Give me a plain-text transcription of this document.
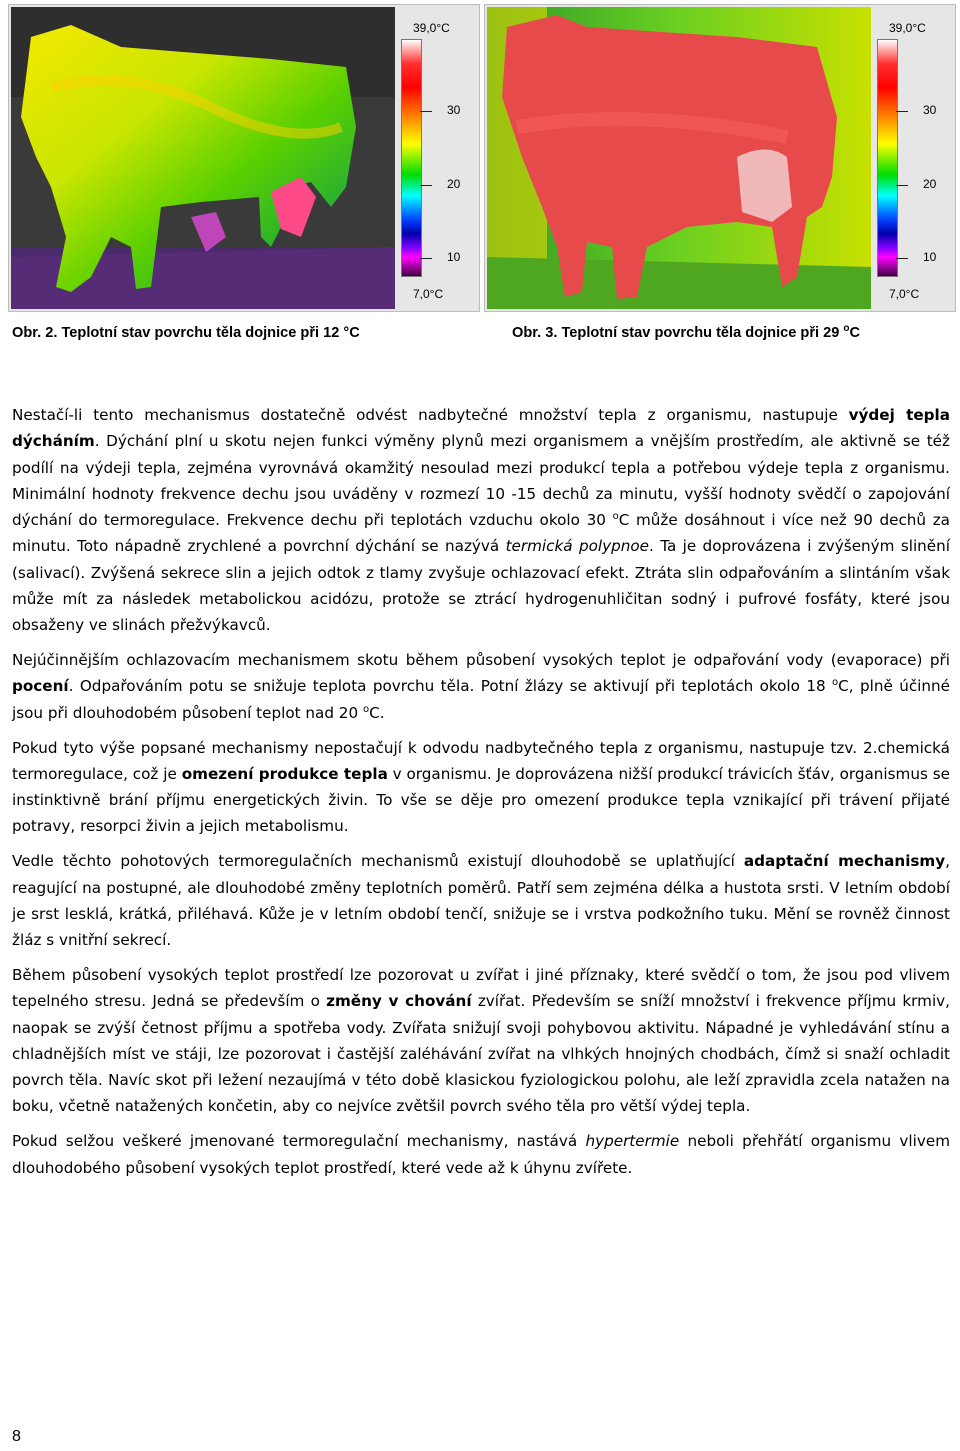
39,0°C
30
20
10
7,0°C
39,0°C
30
20
10
7,0°C
Obr. 2. Teplotní stav povrchu těla dojnice při 12 °C	Obr. 3. Teplotní stav povrchu těla dojnice při 29 $^o$C

Nestačí-li tento mechanismus dostatečně odvést nadbytečné množství tepla z organismu, nastupuje výdej tepla dýcháním. Dýchání plní u skotu nejen funkci výměny plynů mezi organismem a vnějším prostředím, ale aktivně se též podílí na výdeji tepla, zejména vyrovnává okamžitý nesoulad mezi produkcí tepla a potřebou výdeje tepla z organismu. Minimální hodnoty frekvence dechu jsou uváděny v rozmezí 10 -15 dechů za minutu, vyšší hodnoty svědčí o zapojování dýchání do termoregulace. Frekvence dechu při teplotách vzduchu okolo 30 $^o$C může dosáhnout i více než 90 dechů za minutu. Toto nápadně zrychlené a povrchní dýchání se nazývá termická polypnoe. Ta je doprovázena i zvýšeným slinění (salivací). Zvýšená sekrece slin a jejich odtok z tlamy zvyšuje ochlazovací efekt. Ztráta slin odpařováním a slintáním však může mít za následek metabolickou acidózu, protože se ztrácí hydrogenuhličitan sodný i pufrové fosfáty, které jsou obsaženy ve slinách přežvýkavců.

Nejúčinnějším ochlazovacím mechanismem skotu během působení vysokých teplot je odpařování vody (evaporace) při pocení. Odpařováním potu se snižuje teplota povrchu těla. Potní žlázy se aktivují při teplotách okolo 18 $^o$C, plně účinné jsou při dlouhodobém působení teplot nad 20 $^o$C.

Pokud tyto výše popsané mechanismy nepostačují k odvodu nadbytečného tepla z organismu, nastupuje tzv. 2.chemická termoregulace, což je omezení produkce tepla v organismu. Je doprovázena nižší produkcí trávicích šťáv, organismus se instinktivně brání příjmu energetických živin. To vše se děje pro omezení produkce tepla vznikající při trávení přijaté potravy, resorpci živin a jejich metabolismu.

Vedle těchto pohotových termoregulačních mechanismů existují dlouhodobě se uplatňující adaptační mechanismy, reagující na postupné, ale dlouhodobé změny teplotních poměrů. Patří sem zejména délka a hustota srsti. V letním období je srst lesklá, krátká, přiléhavá. Kůže je v letním období tenčí, snižuje se i vrstva podkožního tuku. Mění se rovněž činnost žláz s vnitřní sekrecí.

Během působení vysokých teplot prostředí lze pozorovat u zvířat i jiné příznaky, které svědčí o tom, že jsou pod vlivem tepelného stresu. Jedná se především o změny v chování zvířat. Především se sníží množství i frekvence příjmu krmiv, naopak se zvýší četnost příjmu a spotřeba vody. Zvířata snižují svoji pohybovou aktivitu. Nápadné je vyhledávání stínu a chladnějších míst ve stáji, lze pozorovat i častější zaléhávání zvířat na vlhkých hnojných chodbách, čímž si snaží ochladit povrch těla. Navíc skot při ležení nezaujímá v této době klasickou fyziologickou polohu, ale leží zpravidla zcela natažen na boku, včetně natažených končetin, aby co nejvíce zvětšil povrch svého těla pro větší výdej tepla.

Pokud selžou veškeré jmenované termoregulační mechanismy, nastává hypertermie neboli přehřátí organismu vlivem dlouhodobého působení vysokých teplot prostředí, které vede až k úhynu zvířete.

8
